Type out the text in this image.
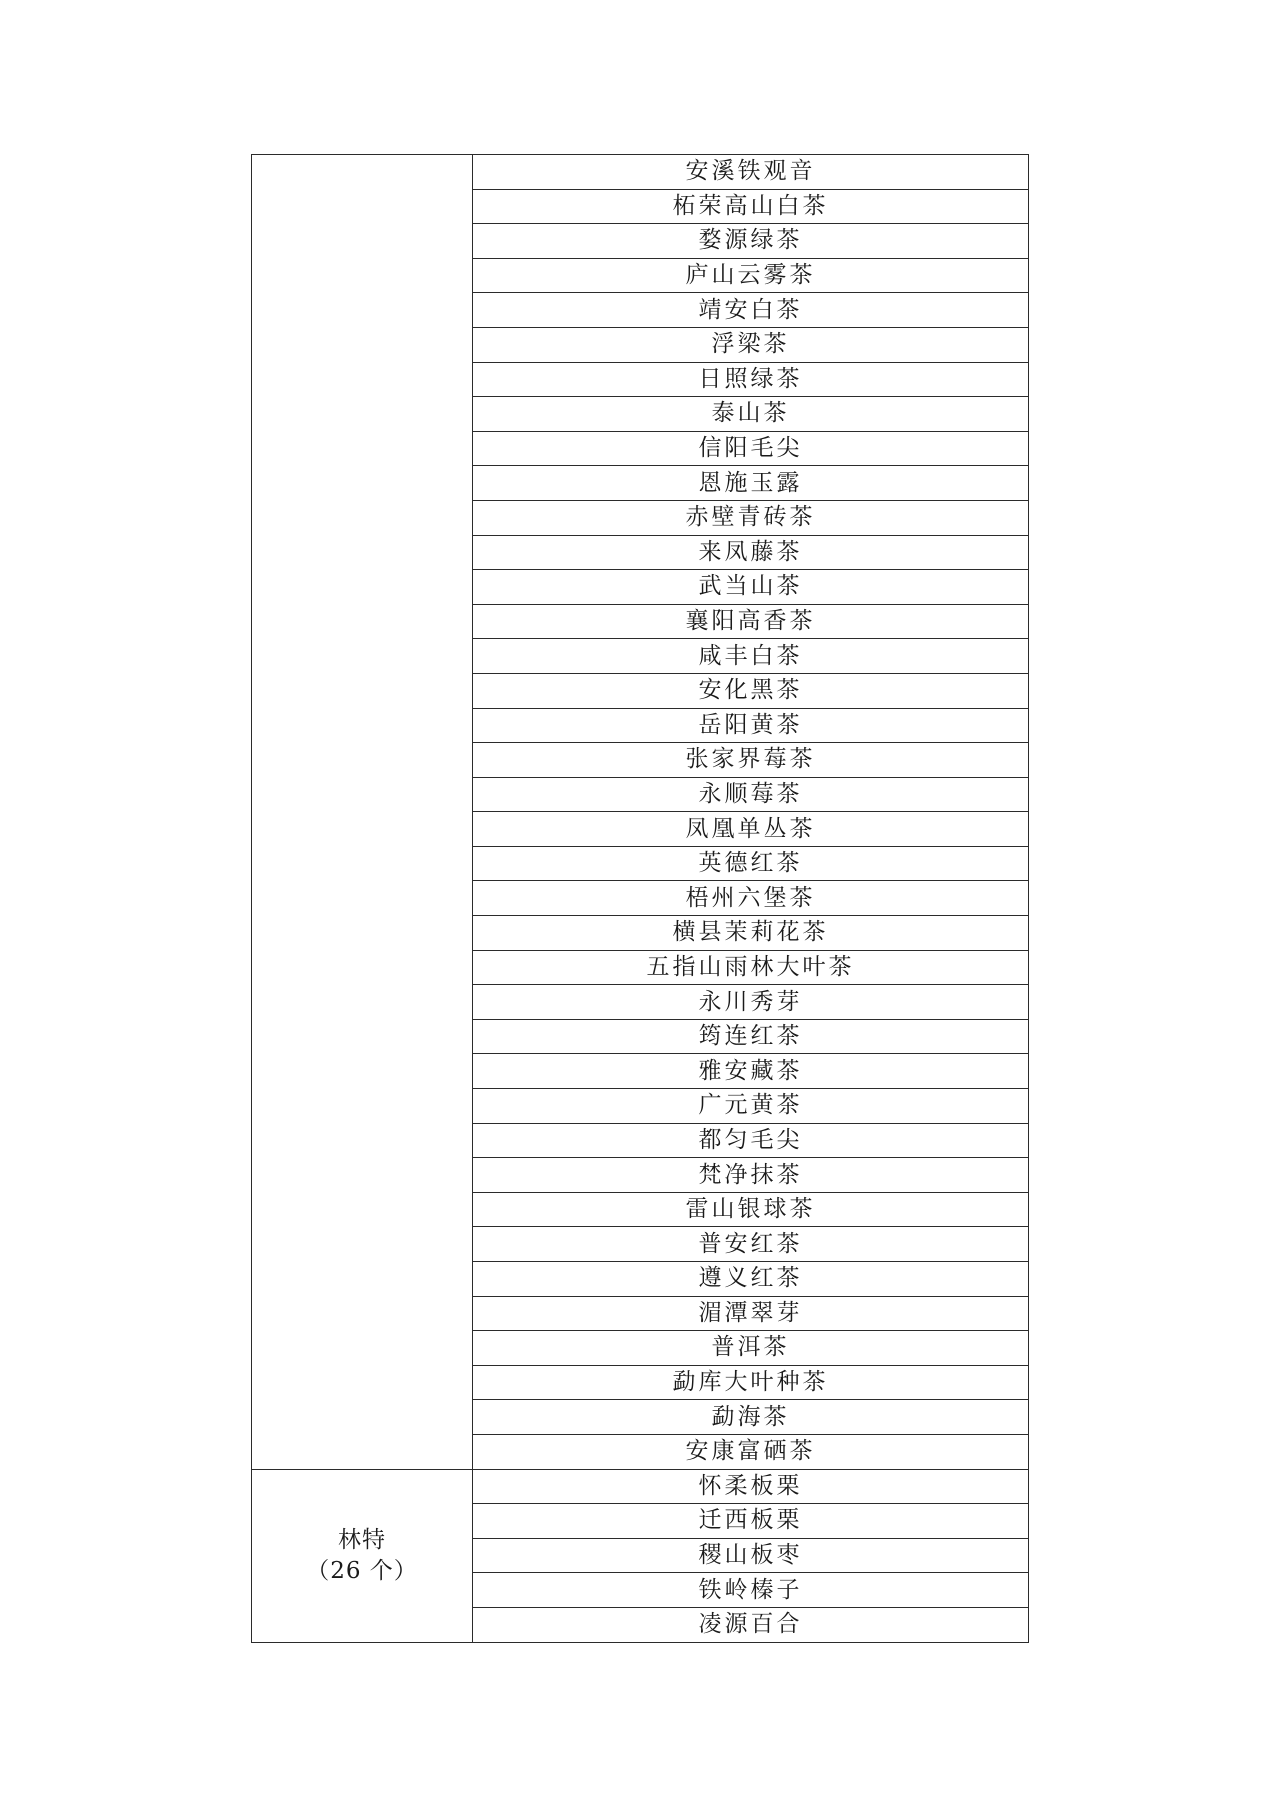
	安溪铁观音
	柘荣高山白茶
	婺源绿茶
	庐山云雾茶
	靖安白茶
	浮梁茶
	日照绿茶
	泰山茶
	信阳毛尖
	恩施玉露
	赤壁青砖茶
	来凤藤茶
	武当山茶
	襄阳高香茶
	咸丰白茶
	安化黑茶
	岳阳黄茶
	张家界莓茶
	永顺莓茶
	凤凰单丛茶
	英德红茶
	梧州六堡茶
	横县茉莉花茶
	五指山雨林大叶茶
	永川秀芽
	筠连红茶
	雅安藏茶
	广元黄茶
	都匀毛尖
	梵净抹茶
	雷山银球茶
	普安红茶
	遵义红茶
	湄潭翠芽
	普洱茶
	勐库大叶种茶
	勐海茶
	安康富硒茶

林特
（26 个）	怀柔板栗
	迁西板栗
	稷山板枣
	铁岭榛子
	凌源百合
